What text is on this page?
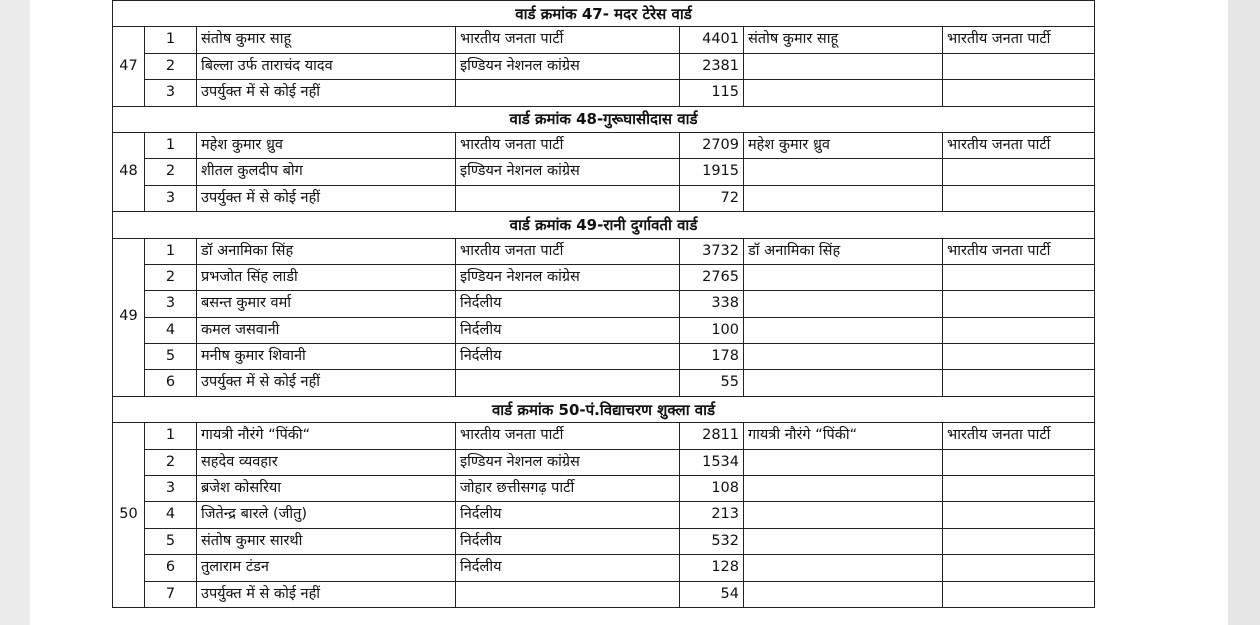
वार्ड क्रमांक 47- मदर टेरेस वार्ड						
47	1	संतोष कुमार साहू	भारतीय जनता पार्टी	4401	संतोष कुमार साहू	भारतीय जनता पार्टी
	2	बिल्ला उर्फ ताराचंद यादव	इण्डियन नेशनल कांग्रेस	2381		
	3	उपर्युक्त में से कोई नहीं		115		
वार्ड क्रमांक 48-गुरूघासीदास वार्ड						
48	1	महेश कुमार ध्रुव	भारतीय जनता पार्टी	2709	महेश कुमार ध्रुव	भारतीय जनता पार्टी
	2	शीतल कुलदीप बोग	इण्डियन नेशनल कांग्रेस	1915		
	3	उपर्युक्त में से कोई नहीं		72		
वार्ड क्रमांक 49-रानी दुर्गावती वार्ड						
49	1	डॉ अनामिका सिंह	भारतीय जनता पार्टी	3732	डॉ अनामिका सिंह	भारतीय जनता पार्टी
	2	प्रभजोत सिंह लाडी	इण्डियन नेशनल कांग्रेस	2765		
	3	बसन्त कुमार वर्मा	निर्दलीय	338		
	4	कमल जसवानी	निर्दलीय	100		
	5	मनीष कुमार शिवानी	निर्दलीय	178		
	6	उपर्युक्त में से कोई नहीं		55		
वार्ड क्रमांक 50-पं.विद्याचरण शुक्ला वार्ड						
50	1	गायत्री नौरंगे “पिंकी“	भारतीय जनता पार्टी	2811	गायत्री नौरंगे “पिंकी“	भारतीय जनता पार्टी
	2	सहदेव व्यवहार	इण्डियन नेशनल कांग्रेस	1534		
	3	ब्रजेश कोसरिया	जोहार छत्तीसगढ़ पार्टी	108		
	4	जितेन्द्र बारले (जीतु)	निर्दलीय	213		
	5	संतोष कुमार सारथी	निर्दलीय	532		
	6	तुलाराम टंडन	निर्दलीय	128		
	7	उपर्युक्त में से कोई नहीं		54		
